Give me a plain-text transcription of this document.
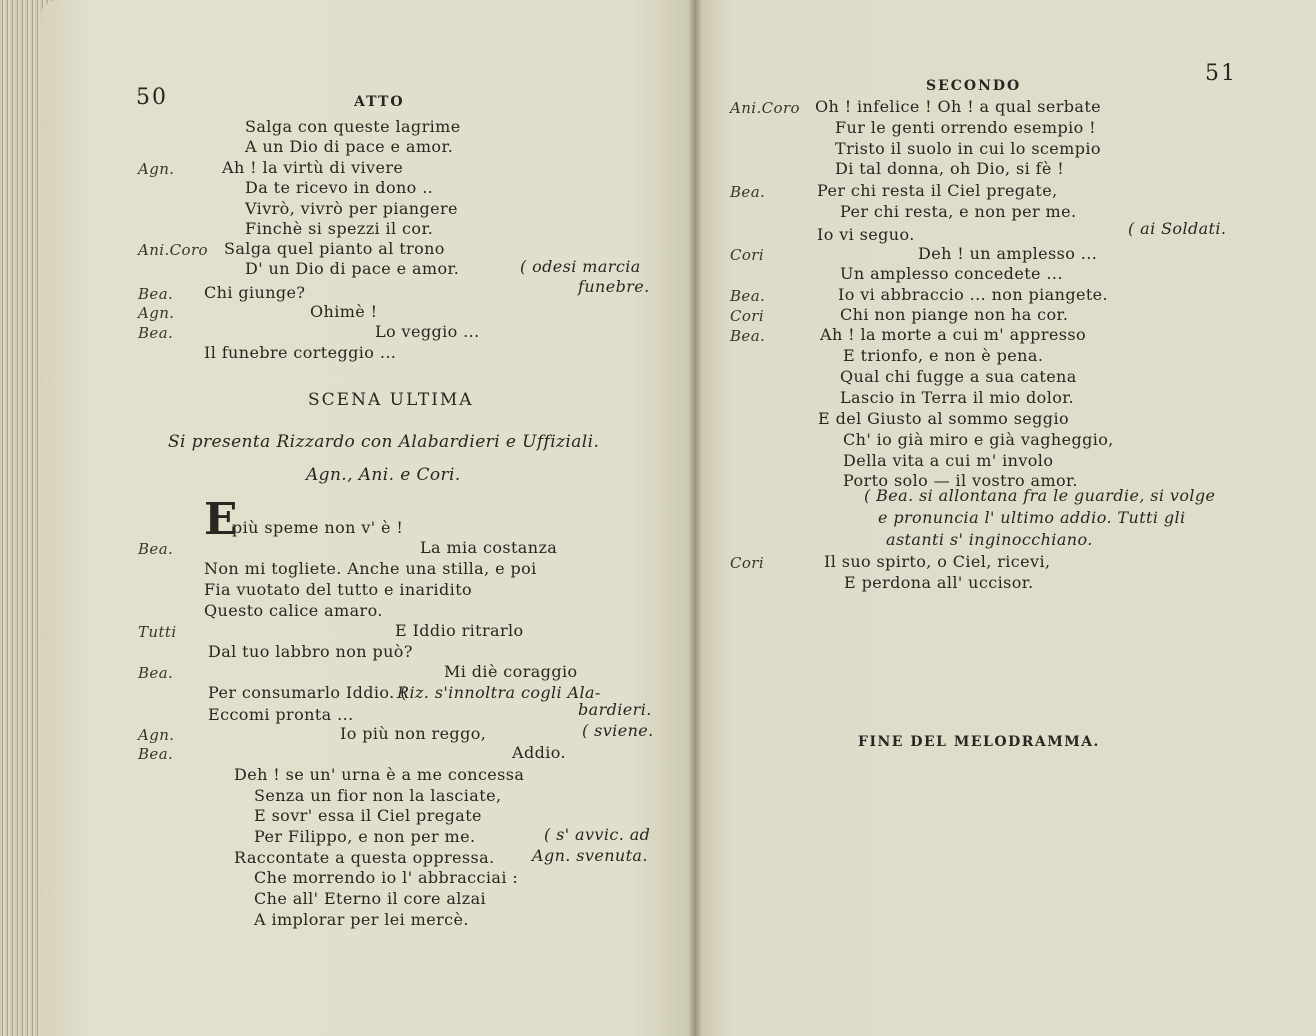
50	ATTO
( odesi marcia
funebre.
SCENA ULTIMA
Si presenta Rizzardo con Alabardieri e Uffiziali.
Agn., Ani. e Cori.
E
Riz. s'innoltra cogli Ala-
bardieri.
( sviene.
( s' avvic. ad
Agn. svenuta.
SECONDO	51
( ai Soldati.
( Bea. si allontana fra le guardie, si volge
e pronuncia l' ultimo addio. Tutti gli
astanti s' inginocchiano.
FINE DEL MELODRAMMA.
Salga con queste lagrime
A un Dio di pace e amor.
Agn.	Ah ! la virtù di vivere
Da te ricevo in dono ..
Vivrò, vivrò per piangere
Finchè si spezzi il cor.
Ani.Coro Salga quel pianto al trono
D' un Dio di pace e amor.
Bea. Chi giunge?
Agn.	Ohimè !
Bea.	Lo veggio ...
Il funebre corteggio ...
più speme non v' è !
Bea.	La mia costanza
Non mi togliete. Anche una stilla, e poi
Fia vuotato del tutto e inaridito
Questo calice amaro.
Tutti	E Iddio ritrarlo
Dal tuo labbro non può?
Bea.	Mi diè coraggio
Per consumarlo Iddio. (
Eccomi pronta ...
Agn.	Io più non reggo,
Bea.	Addio.
Deh ! se un' urna è a me concessa
Senza un fior non la lasciate,
E sovr' essa il Ciel pregate
Per Filippo, e non per me.
Raccontate a questa oppressa.
Che morrendo io l' abbracciai :
Che all' Eterno il core alzai
A implorar per lei mercè.
Ani.Coro Oh ! infelice ! Oh ! a qual serbate
Fur le genti orrendo esempio !
Tristo il suolo in cui lo scempio
Di tal donna, oh Dio, si fè !
Bea.	Per chi resta il Ciel pregate,
Per chi resta, e non per me.
Io vi seguo.
Cori	Deh ! un amplesso ...
Un amplesso concedete ...
Bea.	Io vi abbraccio ... non piangete.
Cori	Chi non piange non ha cor.
Bea.	Ah ! la morte a cui m' appresso
E trionfo, e non è pena.
Qual chi fugge a sua catena
Lascio in Terra il mio dolor.
E del Giusto al sommo seggio
Ch' io già miro e già vagheggio,
Della vita a cui m' involo
Porto solo — il vostro amor.
Cori	Il suo spirto, o Ciel, ricevi,
E perdona all' uccisor.
